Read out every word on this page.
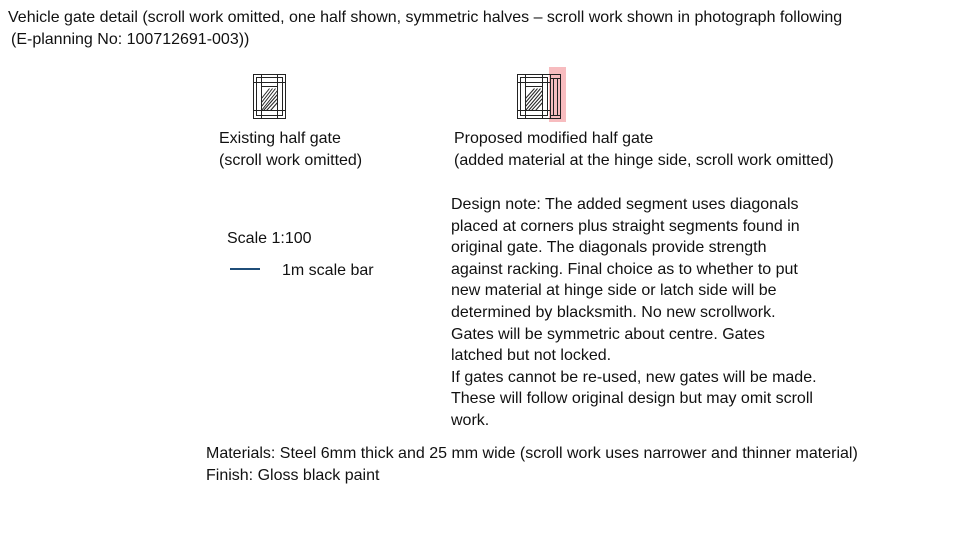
Vehicle gate detail (scroll work omitted, one half shown, symmetric halves – scroll work shown in photograph following
(E-planning No: 100712691-003))

Existing half gate
(scroll work omitted)

Proposed modified half gate
(added material at the hinge side, scroll work omitted)

Scale 1:100

1m scale bar

Design note: The added segment uses diagonals
placed at corners plus straight segments found in
original gate. The diagonals provide strength
against racking. Final choice as to whether to put
new material at hinge side or latch side will be
determined by blacksmith. No new scrollwork.
Gates will be symmetric about centre. Gates
latched but not locked.
If gates cannot be re-used, new gates will be made.
These will follow original design but may omit scroll
work.

Materials: Steel 6mm thick and 25 mm wide (scroll work uses narrower and thinner material)
Finish: Gloss black paint
